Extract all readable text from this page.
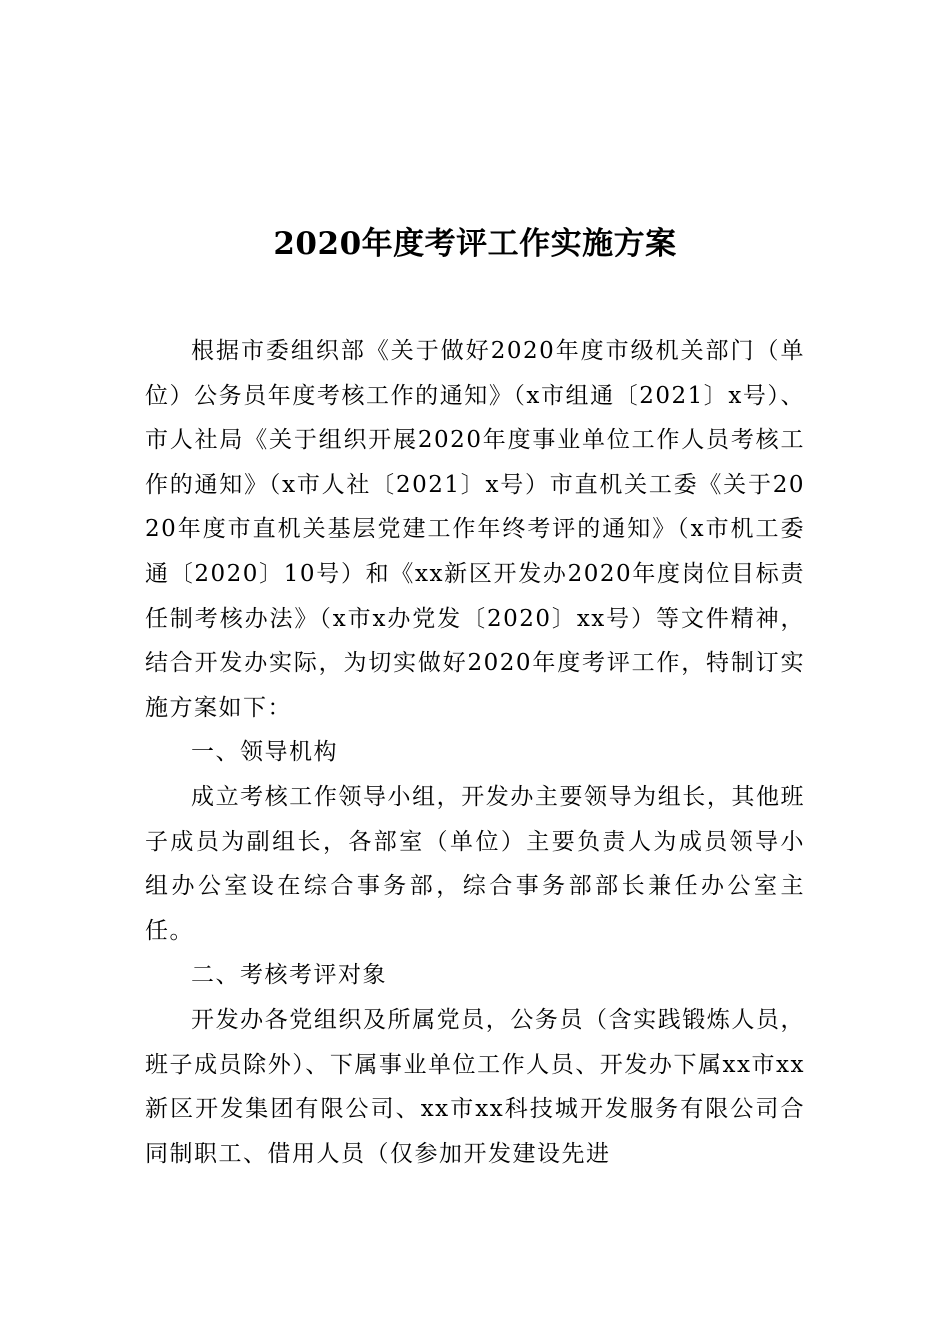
2020年度考评工作实施方案

根据市委组织部《关于做好2020年度市级机关部门（单位）公务员年度考核工作的通知》（x市组通〔2021〕x号）、市人社局《关于组织开展2020年度事业单位工作人员考核工作的通知》（x市人社〔2021〕x号）市直机关工委《关于2020年度市直机关基层党建工作年终考评的通知》（x市机工委通〔2020〕10号）和《xx新区开发办2020年度岗位目标责任制考核办法》（x市x办党发〔2020〕xx号）等文件精神，结合开发办实际，为切实做好2020年度考评工作，特制订实施方案如下：

一、领导机构

成立考核工作领导小组，开发办主要领导为组长，其他班子成员为副组长，各部室（单位）主要负责人为成员领导小组办公室设在综合事务部，综合事务部部长兼任办公室主任。

二、考核考评对象

开发办各党组织及所属党员，公务员（含实践锻炼人员，班子成员除外）、下属事业单位工作人员、开发办下属xx市xx新区开发集团有限公司、xx市xx科技城开发服务有限公司合同制职工、借用人员（仅参加开发建设先进
